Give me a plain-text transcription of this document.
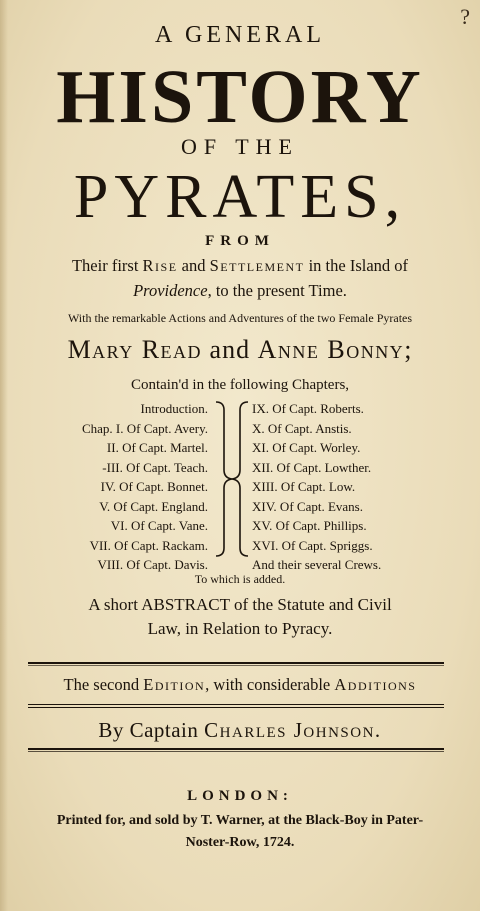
?
A GENERAL
HISTORY
OF THE
PYRATES,
FROM
Their first Rise and Settlement in the Island of
Providence, to the present Time.
With the remarkable Actions and Adventures of the two Female Pyrates
Mary Read and Anne Bonny;
Contain'd in the following Chapters,
Introduction.
Chap. I. Of Capt. Avery.
II. Of Capt. Martel.
-III. Of Capt. Teach.
IV. Of Capt. Bonnet.
V. Of Capt. England.
VI. Of Capt. Vane.
VII. Of Capt. Rackam.
VIII. Of Capt. Davis.
IX. Of Capt. Roberts.
X. Of Capt. Anstis.
XI. Of Capt. Worley.
XII. Of Capt. Lowther.
XIII. Of Capt. Low.
XIV. Of Capt. Evans.
XV. Of Capt. Phillips.
XVI. Of Capt. Spriggs.
And their several Crews.
To which is added.
A short ABSTRACT of the Statute and Civil
Law, in Relation to Pyracy.
The second Edition, with considerable Additions
By Captain Charles Johnson.
LONDON:
Printed for, and sold by T. Warner, at the Black-Boy in Pater-
Noster-Row, 1724.
